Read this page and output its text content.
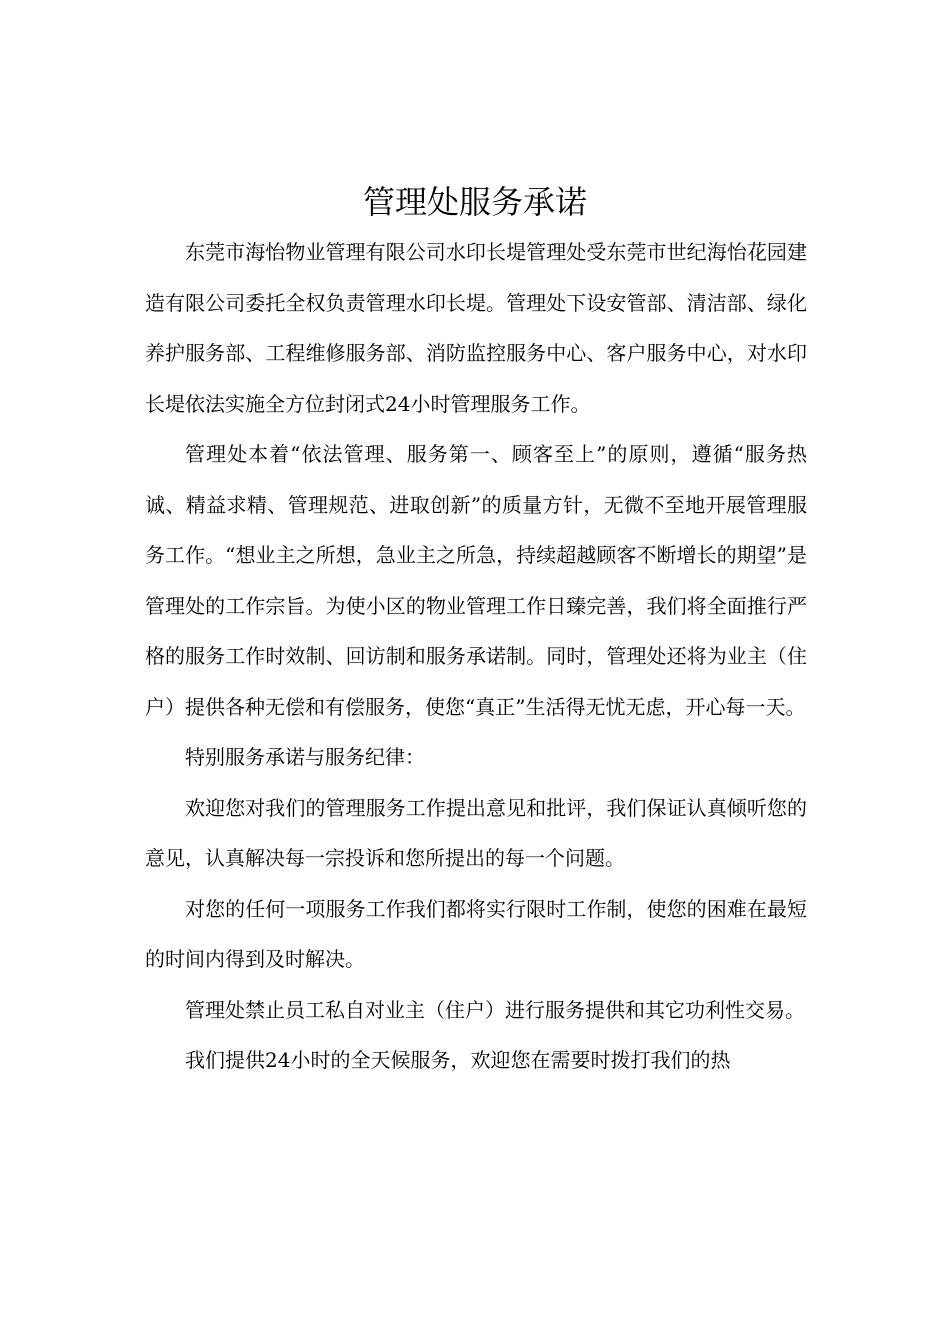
管理处服务承诺

东莞市海怡物业管理有限公司水印长堤管理处受东莞市世纪海怡花园建造有限公司委托全权负责管理水印长堤。管理处下设安管部、清洁部、绿化养护服务部、工程维修服务部、消防监控服务中心、客户服务中心，对水印长堤依法实施全方位封闭式24小时管理服务工作。

管理处本着“依法管理、服务第一、顾客至上”的原则，遵循“服务热诚、精益求精、管理规范、进取创新”的质量方针，无微不至地开展管理服务工作。“想业主之所想，急业主之所急，持续超越顾客不断增长的期望”是管理处的工作宗旨。为使小区的物业管理工作日臻完善，我们将全面推行严格的服务工作时效制、回访制和服务承诺制。同时，管理处还将为业主（住户）提供各种无偿和有偿服务，使您“真正”生活得无忧无虑，开心每一天。

特别服务承诺与服务纪律：

欢迎您对我们的管理服务工作提出意见和批评，我们保证认真倾听您的意见，认真解决每一宗投诉和您所提出的每一个问题。

对您的任何一项服务工作我们都将实行限时工作制，使您的困难在最短的时间内得到及时解决。

管理处禁止员工私自对业主（住户）进行服务提供和其它功利性交易。

我们提供24小时的全天候服务，欢迎您在需要时拨打我们的热
